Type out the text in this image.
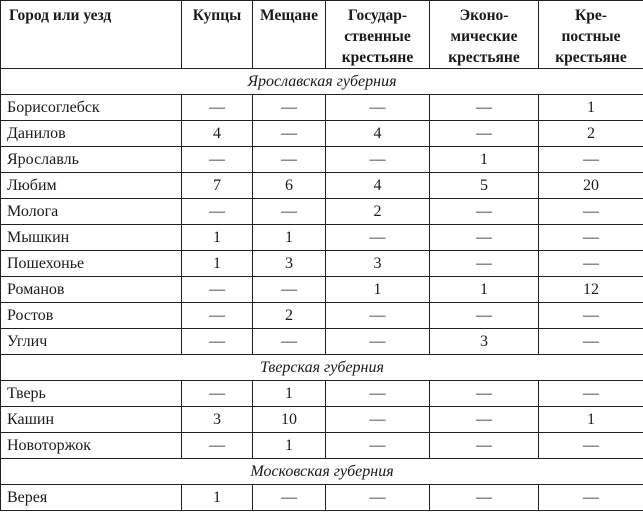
Город или уезд	Купцы	Мещане	Государ-
ственные
крестьяне	Эконо-
мические
крестьяне	Кре-
постные
крестьяне

Ярославская губерния					
Борисоглебск	—	—	—	—	1
Данилов	4	—	4	—	2
Ярославль	—	—	—	1	—
Любим	7	6	4	5	20
Молога	—	—	2	—	—
Мышкин	1	1	—	—	—
Пошехонье	1	3	3	—	—
Романов	—	—	1	1	12
Ростов	—	2	—	—	—
Углич	—	—	—	3	—
Тверская губерния					
Тверь	—	1	—	—	—
Кашин	3	10	—	—	1
Новоторжок	—	1	—	—	—
Московская губерния					
Верея	1	—	—	—	—
